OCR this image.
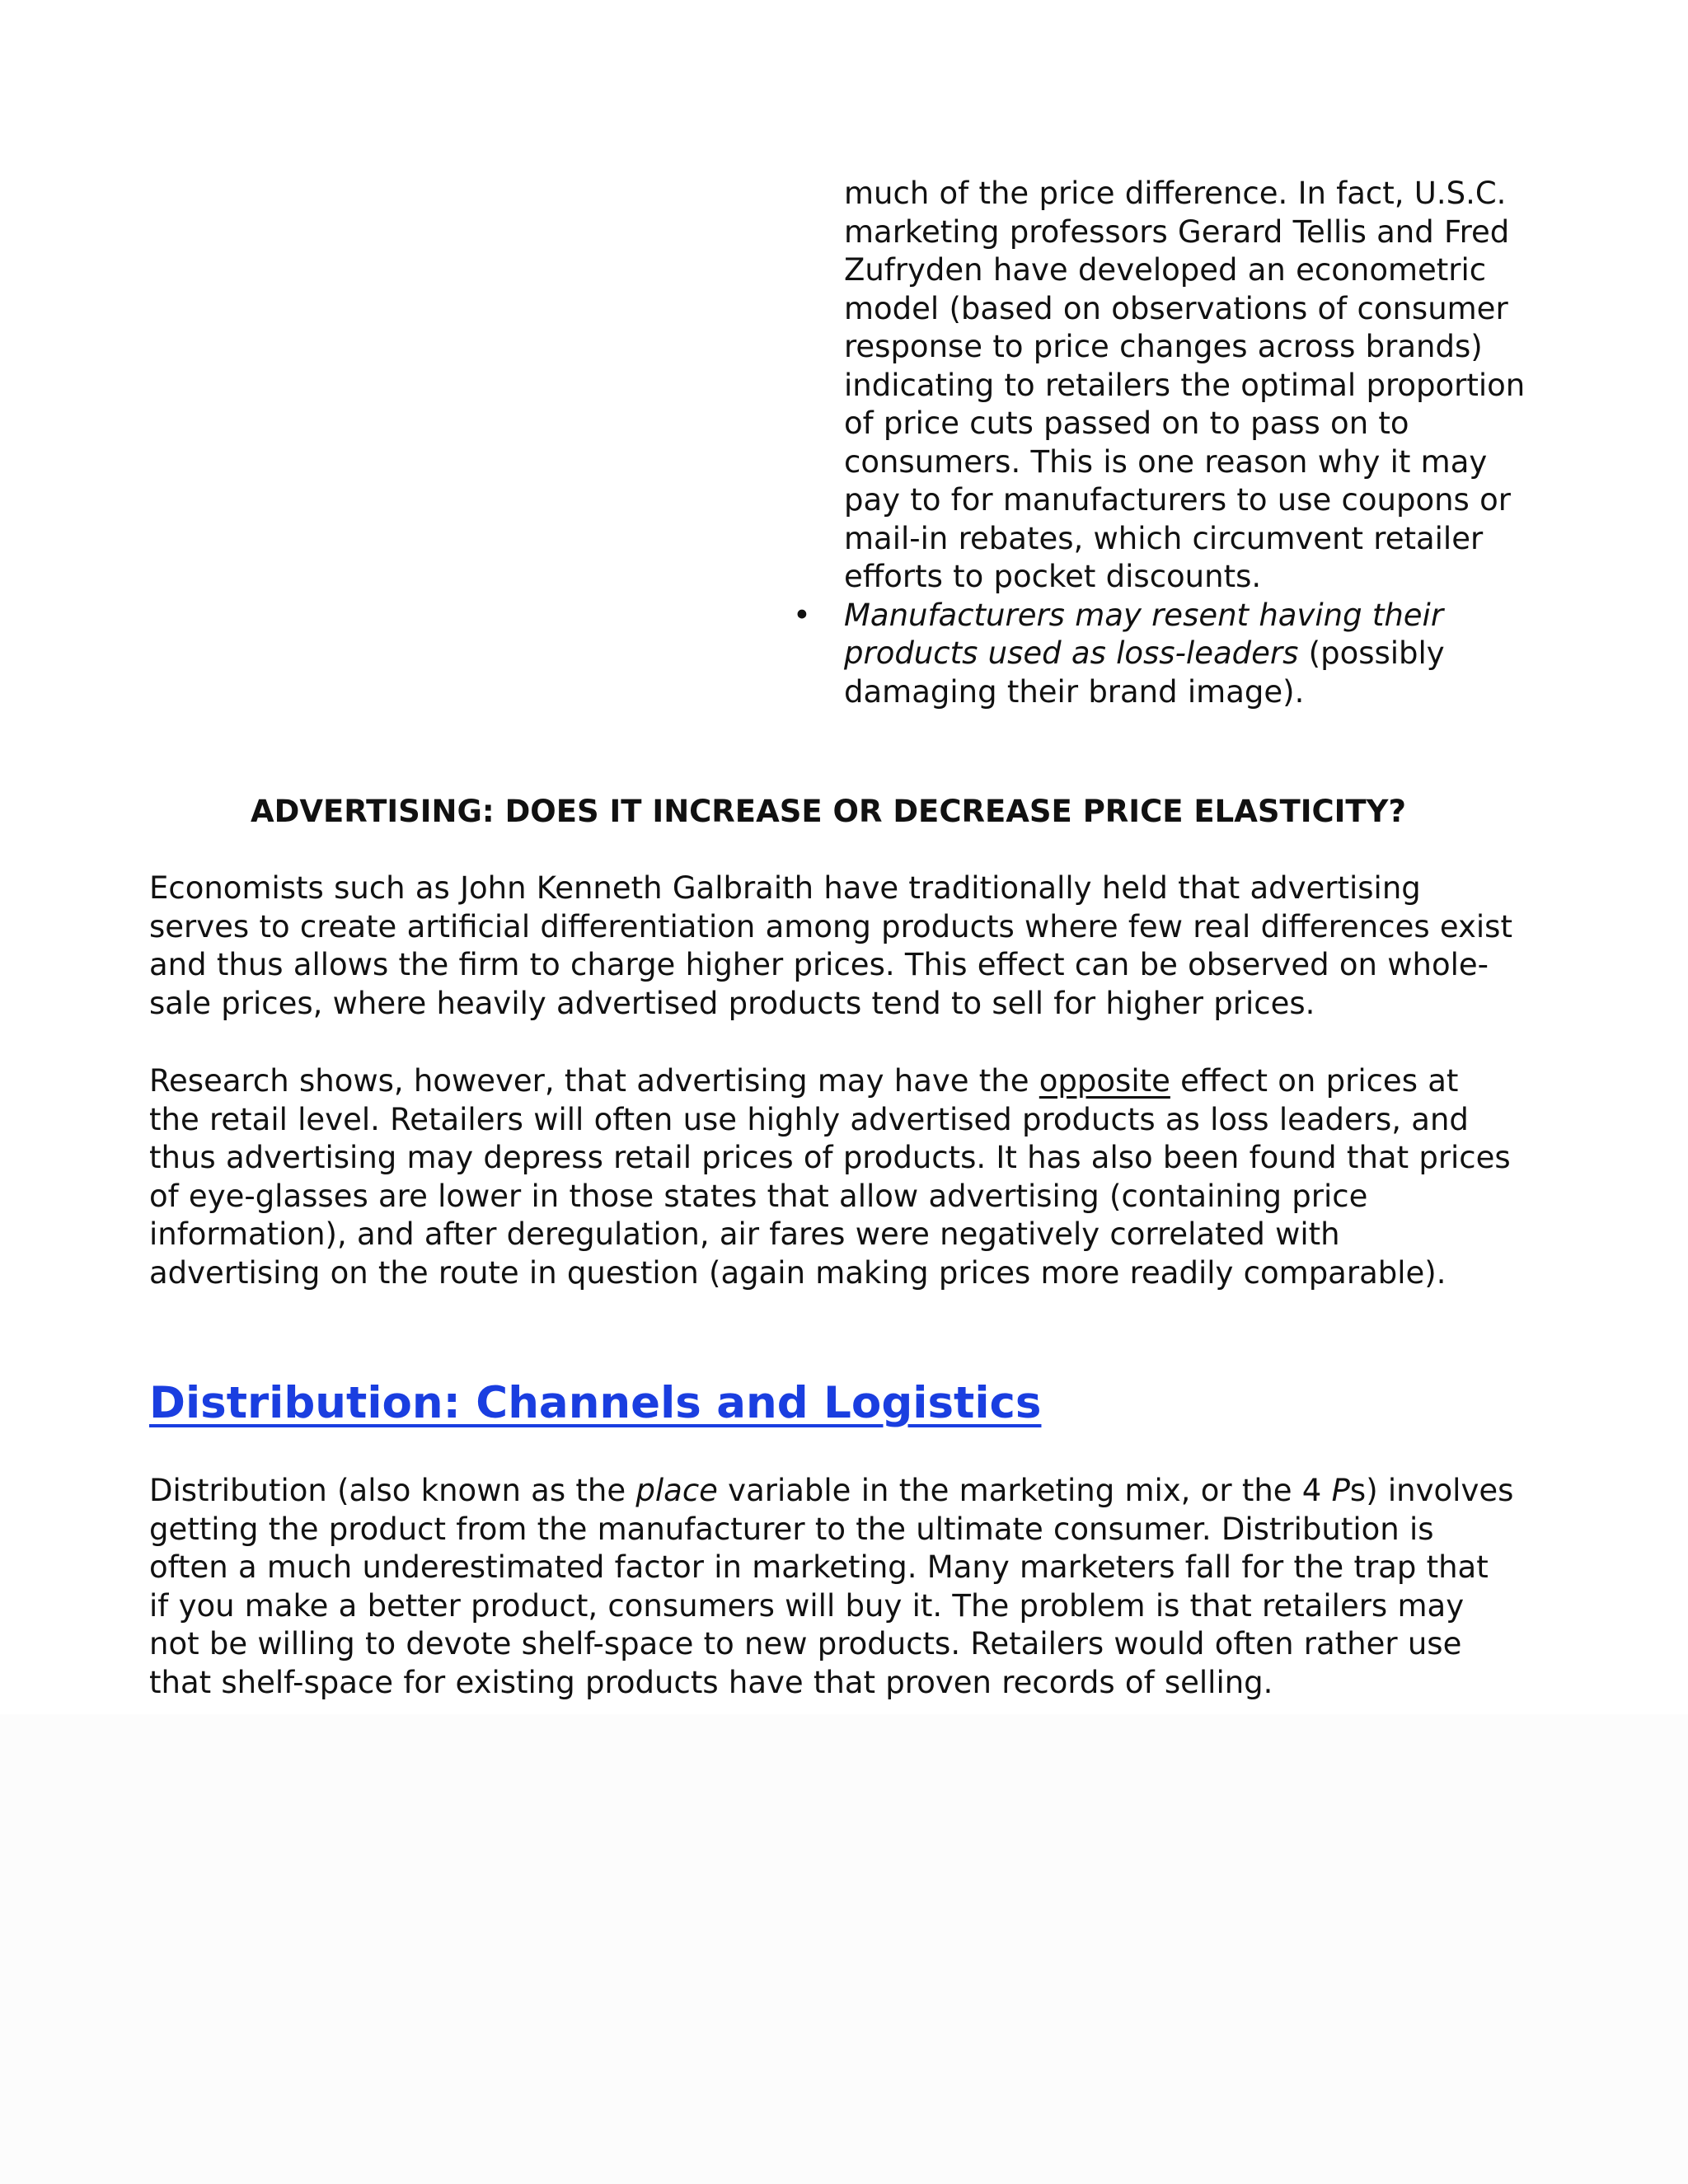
much of the price difference. In fact, U.S.C. marketing professors Gerard Tellis and Fred Zufryden have developed an econometric model (based on observations of consumer response to price changes across brands) indicating to retailers the optimal proportion of price cuts passed on to pass on to consumers. This is one reason why it may pay to for manufacturers to use coupons or mail-in rebates, which circumvent retailer efforts to pocket discounts.

• Manufacturers may resent having their products used as loss-leaders (possibly damaging their brand image).

ADVERTISING: DOES IT INCREASE OR DECREASE PRICE ELASTICITY?

Economists such as John Kenneth Galbraith have traditionally held that advertising serves to create artificial differentiation among products where few real differences exist and thus allows the firm to charge higher prices. This effect can be observed on whole-sale prices, where heavily advertised products tend to sell for higher prices.

Research shows, however, that advertising may have the opposite effect on prices at the retail level. Retailers will often use highly advertised products as loss leaders, and thus advertising may depress retail prices of products. It has also been found that prices of eye-glasses are lower in those states that allow advertising (containing price information), and after deregulation, air fares were negatively correlated with advertising on the route in question (again making prices more readily comparable).

Distribution: Channels and Logistics

Distribution (also known as the place variable in the marketing mix, or the 4 Ps) involves getting the product from the manufacturer to the ultimate consumer. Distribution is often a much underestimated factor in marketing. Many marketers fall for the trap that if you make a better product, consumers will buy it. The problem is that retailers may not be willing to devote shelf-space to new products. Retailers would often rather use that shelf-space for existing products have that proven records of selling.
